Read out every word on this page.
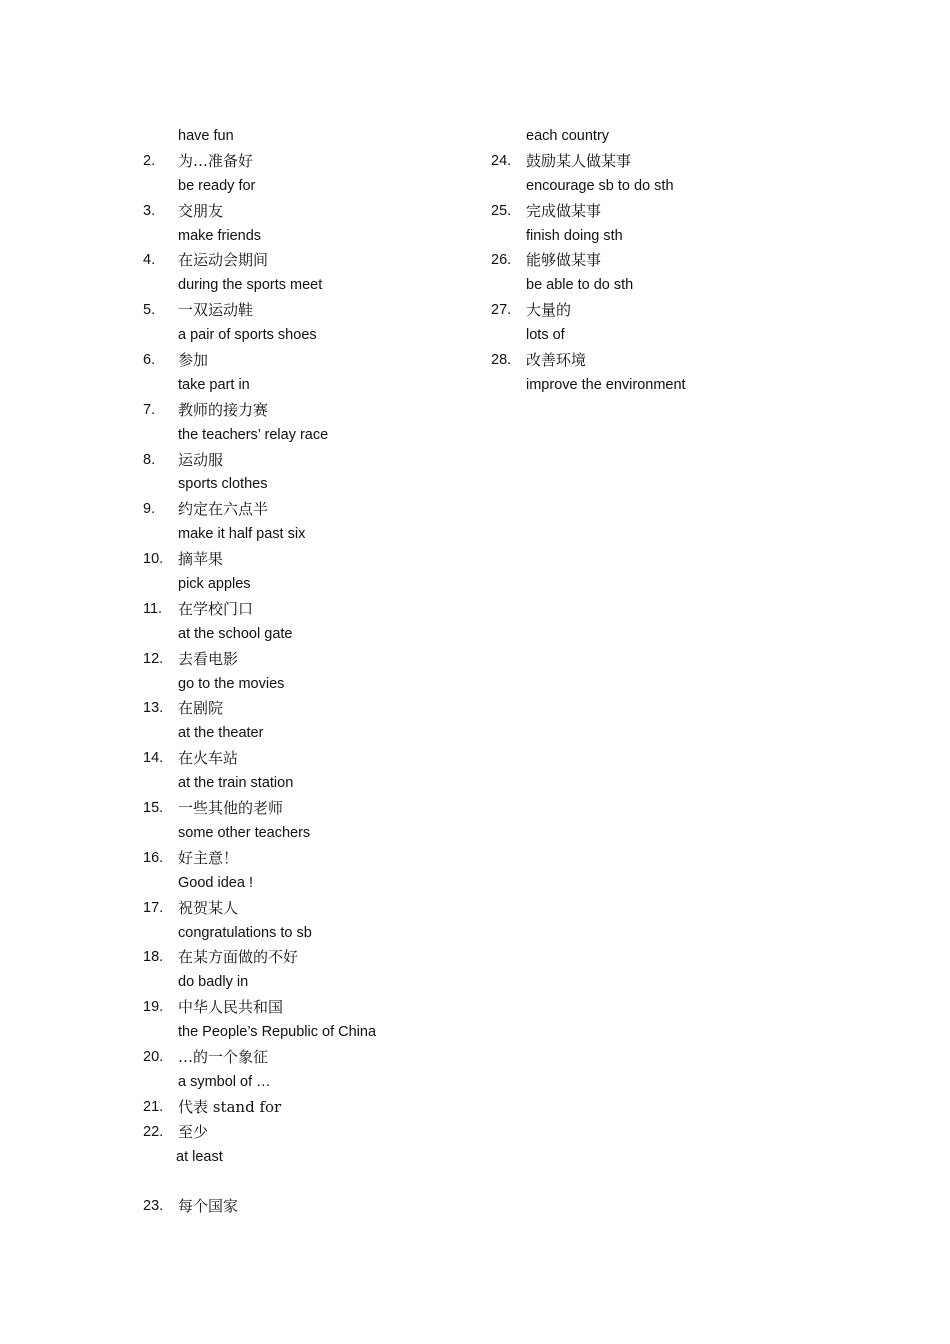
have fun
2.	为…准备好
be ready for
3.	交朋友
make friends
4.	在运动会期间
during the sports meet
5.	一双运动鞋
a pair of sports shoes
6.	参加
take part in
7.	教师的接力赛
the teachers’ relay race
8.	运动服
sports clothes
9.	约定在六点半
make it half past six
10. 摘苹果
pick apples
11.	在学校门口
at the school gate
12. 去看电影
go to the movies
13. 在剧院
at the theater
14. 在火车站
at the train station
15. 一些其他的老师
some other teachers
16. 好主意！
Good idea !
17. 祝贺某人
congratulations to sb
18. 在某方面做的不好
do badly in
19. 中华人民共和国
the People’s Republic of China
20. …的一个象征
a symbol of …
21. 代表 stand for
22. 至少
at least
23. 每个国家
each country
24. 鼓励某人做某事
encourage sb to do sth
25. 完成做某事
finish doing sth
26. 能够做某事
be able to do sth
27. 大量的
lots of
28. 改善环境
improve the environment
